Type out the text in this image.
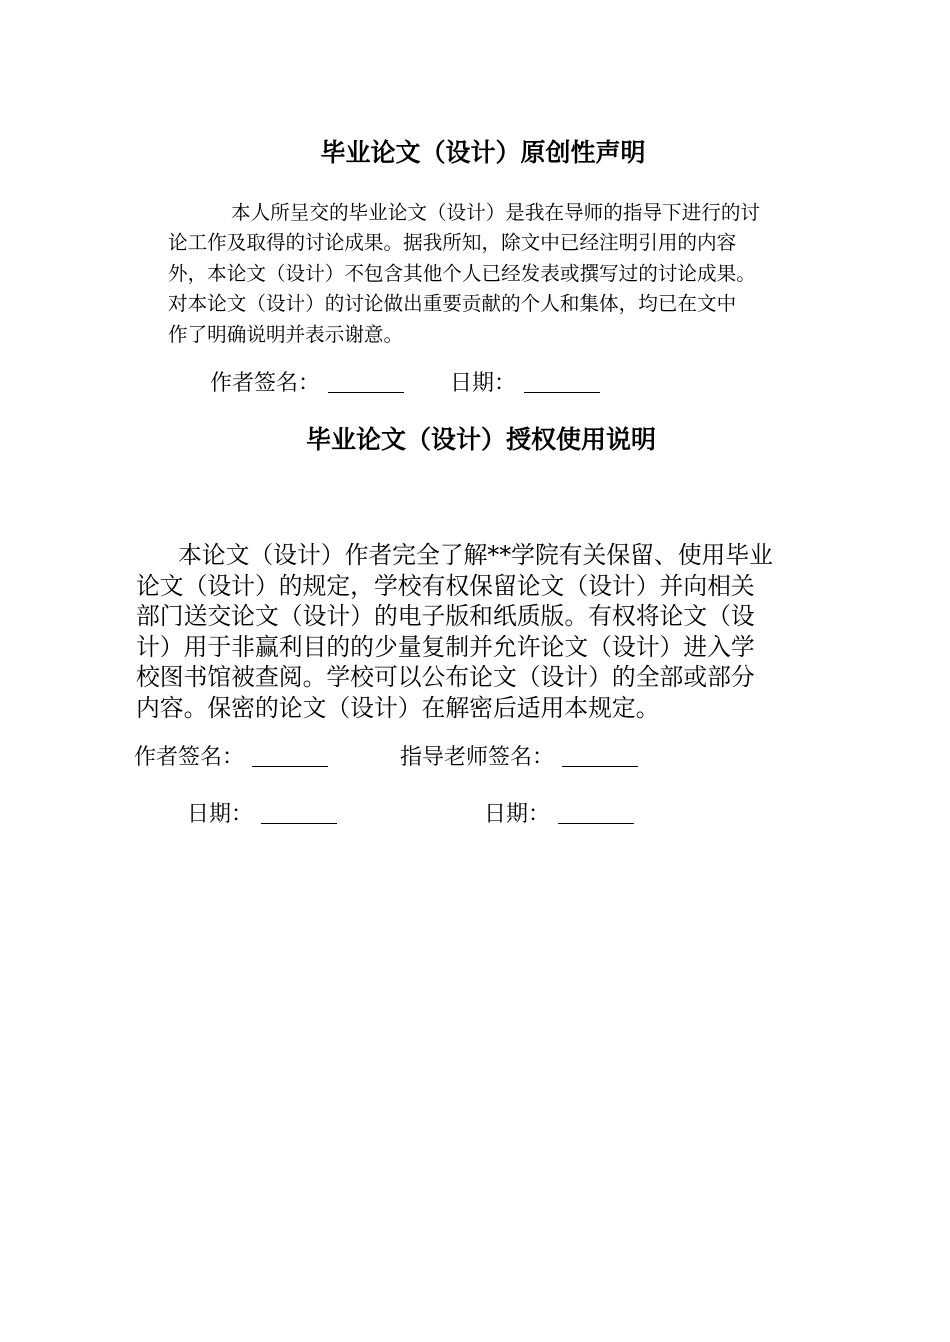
毕业论文（设计）原创性声明
本人所呈交的毕业论文（设计）是我在导师的指导下进行的讨
论工作及取得的讨论成果。据我所知，除文中已经注明引用的内容
外，本论文（设计）不包含其他个人已经发表或撰写过的讨论成果。
对本论文（设计）的讨论做出重要贡献的个人和集体，均已在文中
作了明确说明并表示谢意。
作者签名：	日期：
毕业论文（设计）授权使用说明
本论文（设计）作者完全了解**学院有关保留、使用毕业
论文（设计）的规定，学校有权保留论文（设计）并向相关
部门送交论文（设计）的电子版和纸质版。有权将论文（设
计）用于非赢利目的的少量复制并允许论文（设计）进入学
校图书馆被查阅。学校可以公布论文（设计）的全部或部分
内容。保密的论文（设计）在解密后适用本规定。
作者签名：	指导老师签名：
日期：	日期：
